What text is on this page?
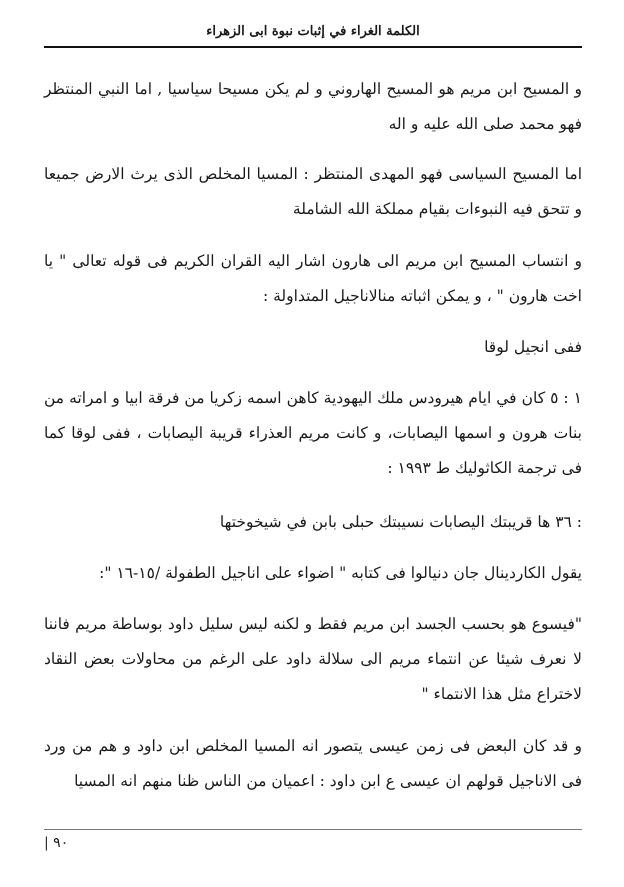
الكلمة الغراء في إثبات نبوة ابى الزهراء

و المسيح ابن مريم هو المسيح الهاروني و لم يكن مسيحا سياسيا , اما النبي المنتظر فهو محمد صلى الله عليه و اله

اما المسيح السياسى فهو المهدى المنتظر : المسيا المخلص الذى يرث الارض جميعا و تتحق فيه النبوءات بقيام مملكة الله الشاملة

و انتساب المسيح ابن مريم الى هارون اشار اليه القران الكريم فى قوله تعالى " يا اخت هارون " ، و يمكن اثباته منالاناجيل المتداولة :

ففى انجيل لوقا

١ : ٥ كان في ايام هيرودس ملك اليهودية كاهن اسمه زكريا من فرقة ابيا و امراته من بنات هرون و اسمها اليصابات، و كانت مريم العذراء قريبة اليصابات ، ففى لوقا كما فى ترجمة الكاثوليك ط ١٩٩٣ :

: ٣٦ ها قريبتك اليصابات نسيبتك حبلى بابن في شيخوختها

يقول الكاردينال جان دنيالوا فى كتابه " اضواء على اناجيل الطفولة /١٥-١٦ ":

"فيسوع هو بحسب الجسد ابن مريم فقط و لكنه ليس سليل داود بوساطة مريم فاننا لا نعرف شيئا عن انتماء مريم الى سلالة داود على الرغم من محاولات بعض النقاد لاختراع مثل هذا الانتماء "

و قد كان البعض فى زمن عيسى يتصور انه المسيا المخلص ابن داود و هم من ورد فى الاناجيل قولهم ان عيسى ع ابن داود : اعميان من الناس ظنا منهم انه المسيا

٩٠ |
